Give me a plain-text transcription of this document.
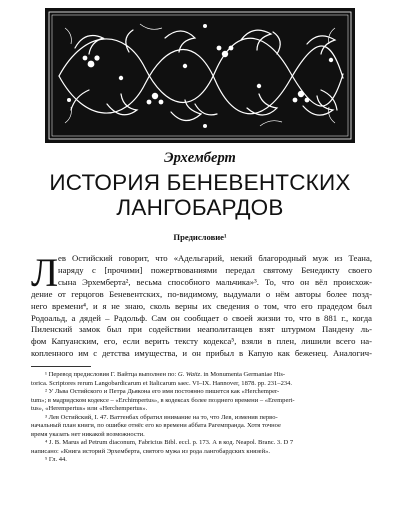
Эрхемберт

ИСТОРИЯ БЕНЕВЕНТСКИХ
ЛАНГОБАРДОВ

Предисловие¹

Л ев Остийский говорит, что «Адельгарий, некий благородный муж из Теана,
наряду с [прочими] пожертвованиями передал святому Бенедикту своего
сына Эрхемберта², весьма способного мальчика»³. То, что он вёл происхож-
дение от герцогов Беневентских, по-видимому, выдумали о нём авторы более позд-
него времени⁴, и я не знаю, сколь верны их сведения о том, что его прадедом был
Родоальд, а дядей – Радольф. Сам он сообщает о своей жизни то, что в 881 г., когда
Пиленский замок был при содействии неаполитанцев взят штурмом Пандену ль-
фом Капуанским, его, если верить тексту кодекса⁵, взяли в плен, лишили всего на-
копленного им с детства имущества, и он прибыл в Капую как беженец. Аналогич-
¹ Перевод предисловия Г. Вайтца выполнен по: G. Waitz. in Monumenta Germaniae His-
torica. Scriptores rerum Langobardicarum et Italicarum saec. VI–IX. Hannover, 1878. pp. 231–234.
² У Льва Остийского и Петра Дьякона его имя постоянно пишется как «Herchemper-
tum»; в мадридском кодексе – «Erchimpertus», в кодексах более позднего времени – «Erempert-
tus», «Herempertus» или «Herchempertus».
³ Лев Остийский, I. 47. Ваттенбах обратил внимание на то, что Лев, изменив перво-
начальный план книги, по ошибке отнёс его ко времени аббата Рагемпранда. Хотя точное
время указать нет никакой возможности.
⁴ J. B. Marus ad Petrum diaconum, Fabricius Bibl. eccl. p. 173. А в код. Neapol. Branc. 3. D 7
написано: «Книга историй Эрхемберта, святого мужа из рода лангобардских князей».
⁵ Гл. 44.
